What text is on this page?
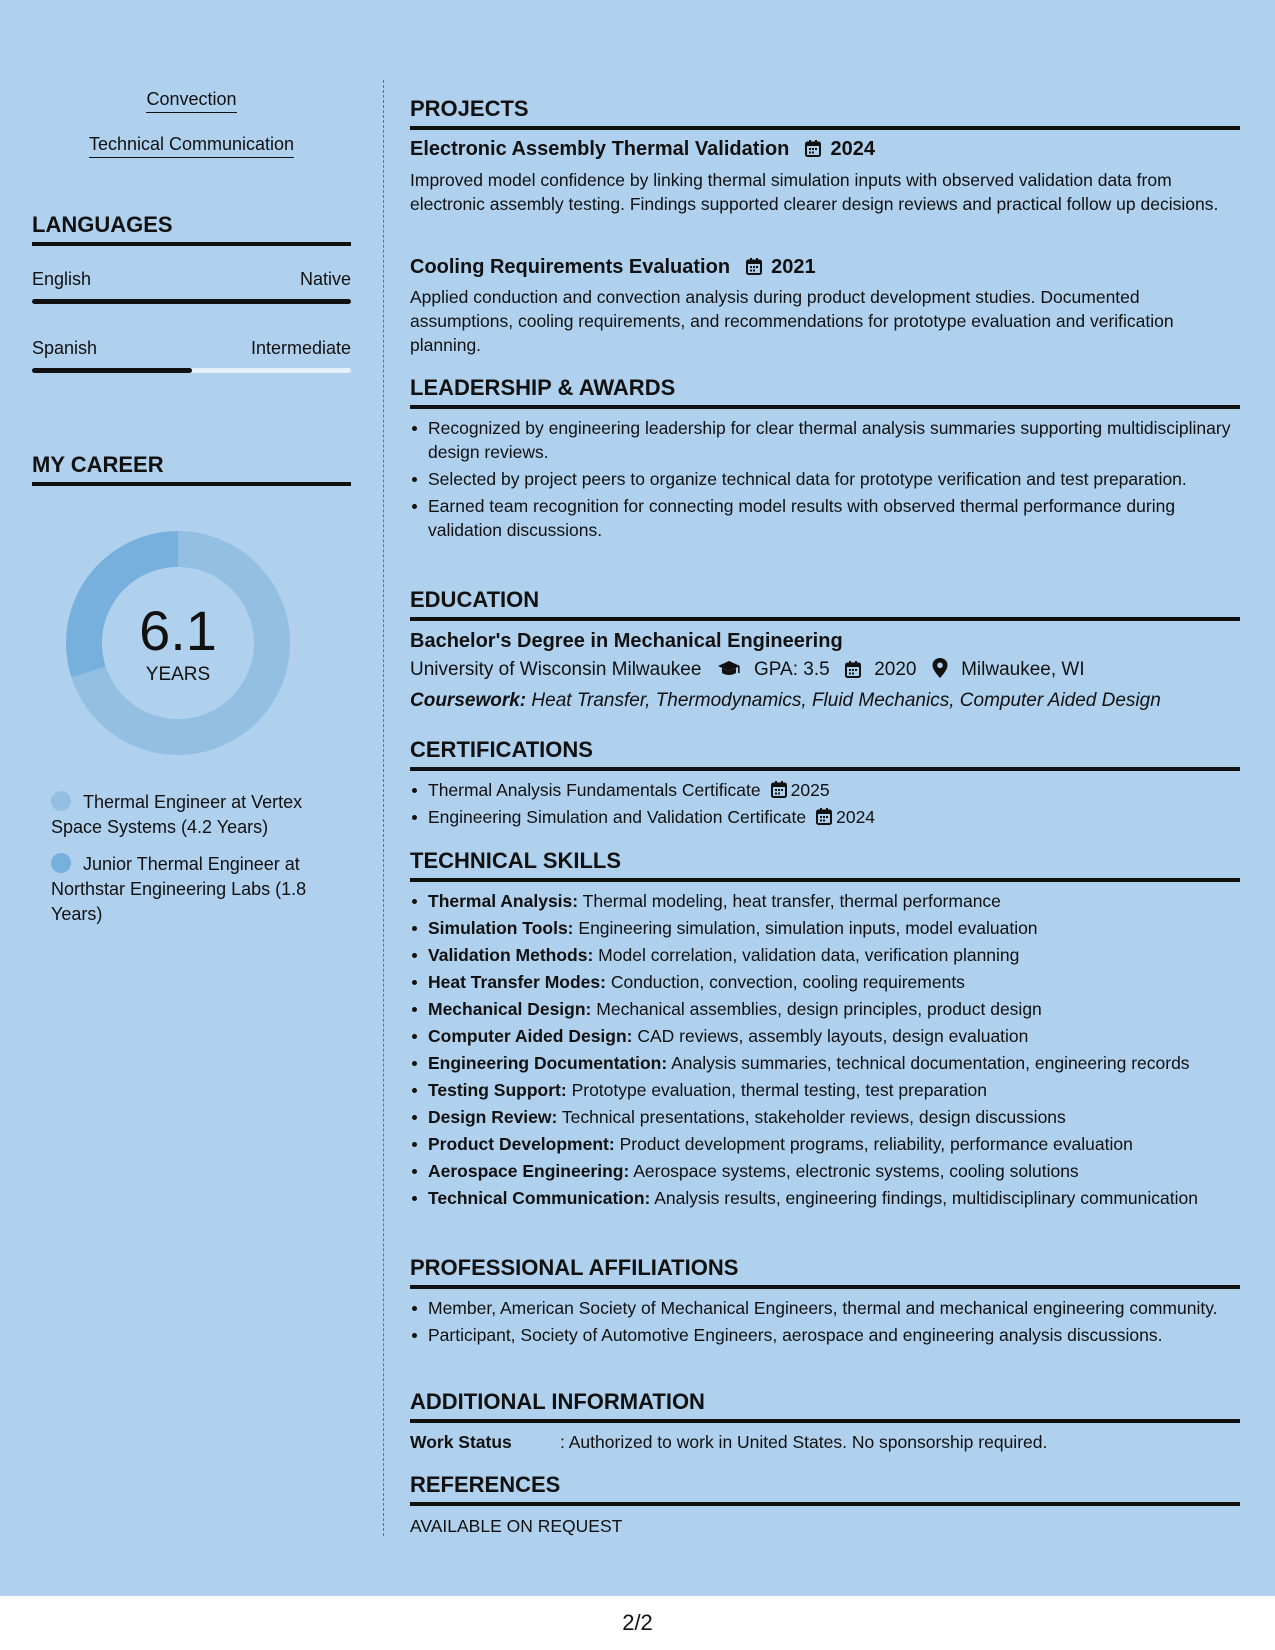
Convection
Technical Communication
LANGUAGES
English	Native
Spanish	Intermediate
MY CAREER
6.1
YEARS
Thermal Engineer at Vertex Space Systems (4.2 Years)
Junior Thermal Engineer at Northstar Engineering Labs (1.8 Years)
PROJECTS
Electronic Assembly Thermal Validation 2024
Improved model confidence by linking thermal simulation inputs with observed validation data from electronic assembly testing. Findings supported clearer design reviews and practical follow up decisions.
Cooling Requirements Evaluation 2021
Applied conduction and convection analysis during product development studies. Documented assumptions, cooling requirements, and recommendations for prototype evaluation and verification planning.
LEADERSHIP & AWARDS
Recognized by engineering leadership for clear thermal analysis summaries supporting multidisciplinary design reviews.
Selected by project peers to organize technical data for prototype verification and test preparation.
Earned team recognition for connecting model results with observed thermal performance during validation discussions.
EDUCATION
Bachelor's Degree in Mechanical Engineering
University of Wisconsin Milwaukee	GPA: 3.5 2020 Milwaukee, WI
Coursework: Heat Transfer, Thermodynamics, Fluid Mechanics, Computer Aided Design
CERTIFICATIONS
Thermal Analysis Fundamentals Certificate 2025
Engineering Simulation and Validation Certificate 2024
TECHNICAL SKILLS
Thermal Analysis: Thermal modeling, heat transfer, thermal performance
Simulation Tools: Engineering simulation, simulation inputs, model evaluation
Validation Methods: Model correlation, validation data, verification planning
Heat Transfer Modes: Conduction, convection, cooling requirements
Mechanical Design: Mechanical assemblies, design principles, product design
Computer Aided Design: CAD reviews, assembly layouts, design evaluation
Engineering Documentation: Analysis summaries, technical documentation, engineering records
Testing Support: Prototype evaluation, thermal testing, test preparation
Design Review: Technical presentations, stakeholder reviews, design discussions
Product Development: Product development programs, reliability, performance evaluation
Aerospace Engineering: Aerospace systems, electronic systems, cooling solutions
Technical Communication: Analysis results, engineering findings, multidisciplinary communication
PROFESSIONAL AFFILIATIONS
Member, American Society of Mechanical Engineers, thermal and mechanical engineering community.
Participant, Society of Automotive Engineers, aerospace and engineering analysis discussions.
ADDITIONAL INFORMATION
Work Status	: Authorized to work in United States. No sponsorship required.
REFERENCES
AVAILABLE ON REQUEST
2/2
